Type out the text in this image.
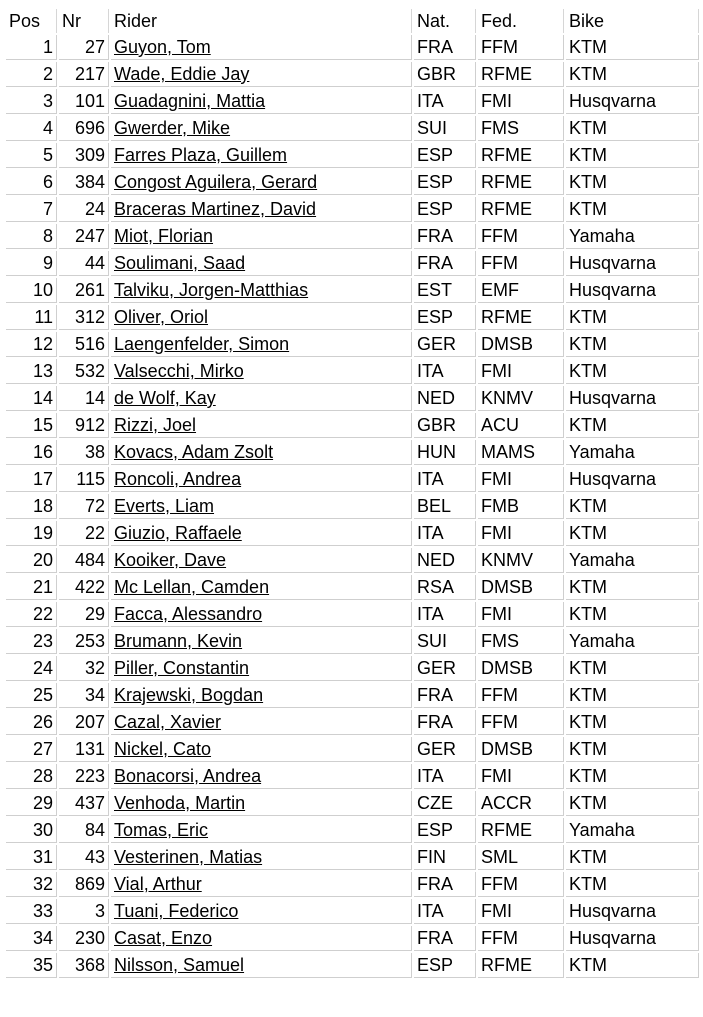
Pos	Nr	Rider	Nat.	Fed.	Bike
1	27	Guyon, Tom	FRA	FFM	KTM
2	217	Wade, Eddie Jay	GBR	RFME	KTM
3	101	Guadagnini, Mattia	ITA	FMI	Husqvarna
4	696	Gwerder, Mike	SUI	FMS	KTM
5	309	Farres Plaza, Guillem	ESP	RFME	KTM
6	384	Congost Aguilera, Gerard	ESP	RFME	KTM
7	24	Braceras Martinez, David	ESP	RFME	KTM
8	247	Miot, Florian	FRA	FFM	Yamaha
9	44	Soulimani, Saad	FRA	FFM	Husqvarna
10	261	Talviku, Jorgen-Matthias	EST	EMF	Husqvarna
11	312	Oliver, Oriol	ESP	RFME	KTM
12	516	Laengenfelder, Simon	GER	DMSB	KTM
13	532	Valsecchi, Mirko	ITA	FMI	KTM
14	14	de Wolf, Kay	NED	KNMV	Husqvarna
15	912	Rizzi, Joel	GBR	ACU	KTM
16	38	Kovacs, Adam Zsolt	HUN	MAMS	Yamaha
17	115	Roncoli, Andrea	ITA	FMI	Husqvarna
18	72	Everts, Liam	BEL	FMB	KTM
19	22	Giuzio, Raffaele	ITA	FMI	KTM
20	484	Kooiker, Dave	NED	KNMV	Yamaha
21	422	Mc Lellan, Camden	RSA	DMSB	KTM
22	29	Facca, Alessandro	ITA	FMI	KTM
23	253	Brumann, Kevin	SUI	FMS	Yamaha
24	32	Piller, Constantin	GER	DMSB	KTM
25	34	Krajewski, Bogdan	FRA	FFM	KTM
26	207	Cazal, Xavier	FRA	FFM	KTM
27	131	Nickel, Cato	GER	DMSB	KTM
28	223	Bonacorsi, Andrea	ITA	FMI	KTM
29	437	Venhoda, Martin	CZE	ACCR	KTM
30	84	Tomas, Eric	ESP	RFME	Yamaha
31	43	Vesterinen, Matias	FIN	SML	KTM
32	869	Vial, Arthur	FRA	FFM	KTM
33	3	Tuani, Federico	ITA	FMI	Husqvarna
34	230	Casat, Enzo	FRA	FFM	Husqvarna
35	368	Nilsson, Samuel	ESP	RFME	KTM
